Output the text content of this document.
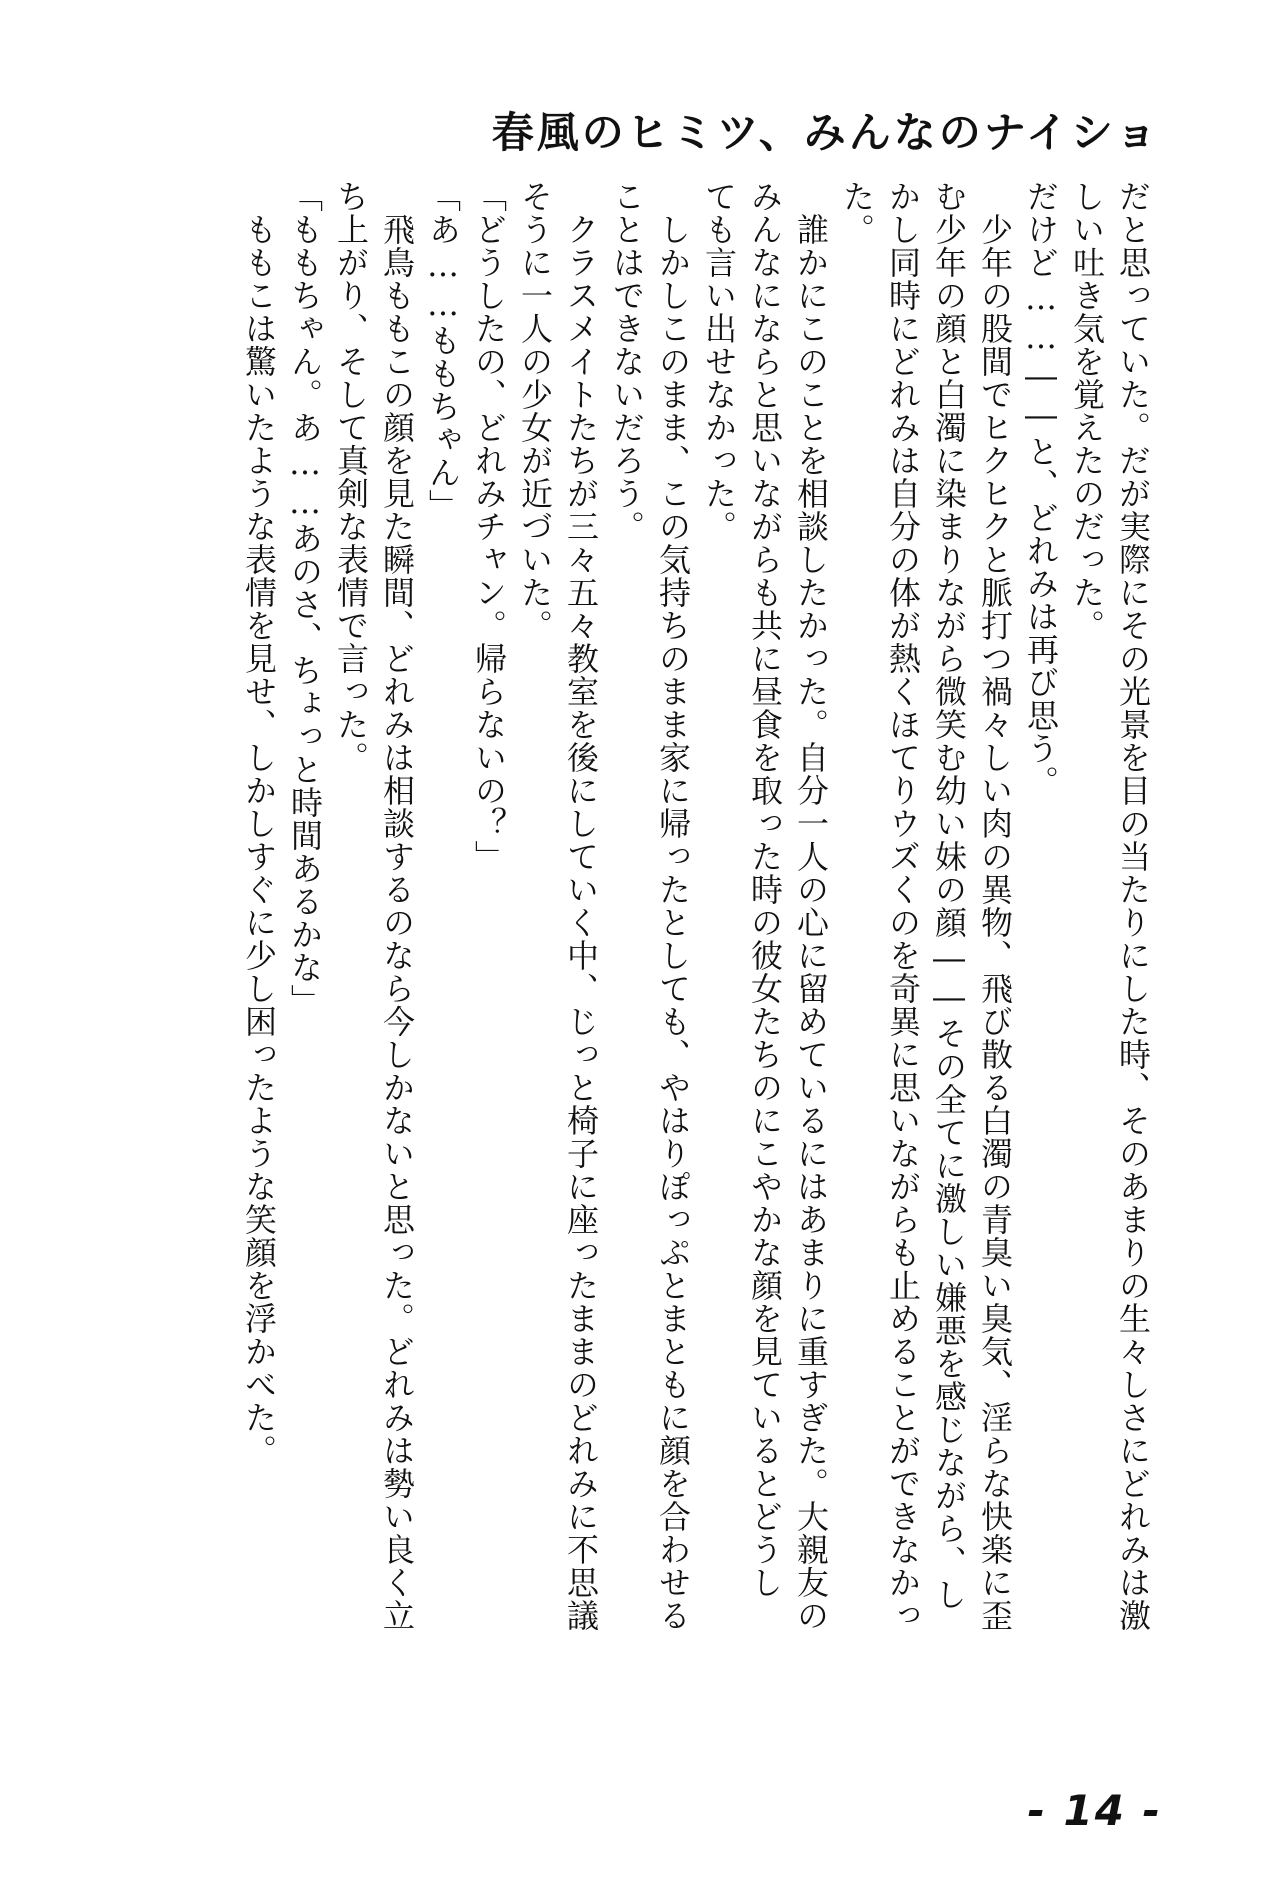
春風のヒミツ、みんなのナイショ

だと思っていた。だが実際にその光景を目の当たりにした時、そのあまりの生々しさにどれみは激

しい吐き気を覚えたのだった。

だけど……――と、どれみは再び思う。

　少年の股間でヒクヒクと脈打つ禍々しい肉の異物、飛び散る白濁の青臭い臭気、淫らな快楽に歪

む少年の顔と白濁に染まりながら微笑む幼い妹の顔――その全てに激しい嫌悪を感じながら、し

かし同時にどれみは自分の体が熱くほてりウズくのを奇異に思いながらも止めることができなかっ

た。

　誰かにこのことを相談したかった。自分一人の心に留めているにはあまりに重すぎた。大親友の

みんなにならと思いながらも共に昼食を取った時の彼女たちのにこやかな顔を見ているとどうし

ても言い出せなかった。

　しかしこのまま、この気持ちのまま家に帰ったとしても、やはりぽっぷとまともに顔を合わせる

ことはできないだろう。

　クラスメイトたちが三々五々教室を後にしていく中、じっと椅子に座ったままのどれみに不思議

そうに一人の少女が近づいた。

「どうしたの、どれみチャン。帰らないの？」

「あ……ももちゃん」

　飛鳥ももこの顔を見た瞬間、どれみは相談するのなら今しかないと思った。どれみは勢い良く立

ち上がり、そして真剣な表情で言った。

「ももちゃん。あ……あのさ、ちょっと時間あるかな」

　ももこは驚いたような表情を見せ、しかしすぐに少し困ったような笑顔を浮かべた。

- 14 -
